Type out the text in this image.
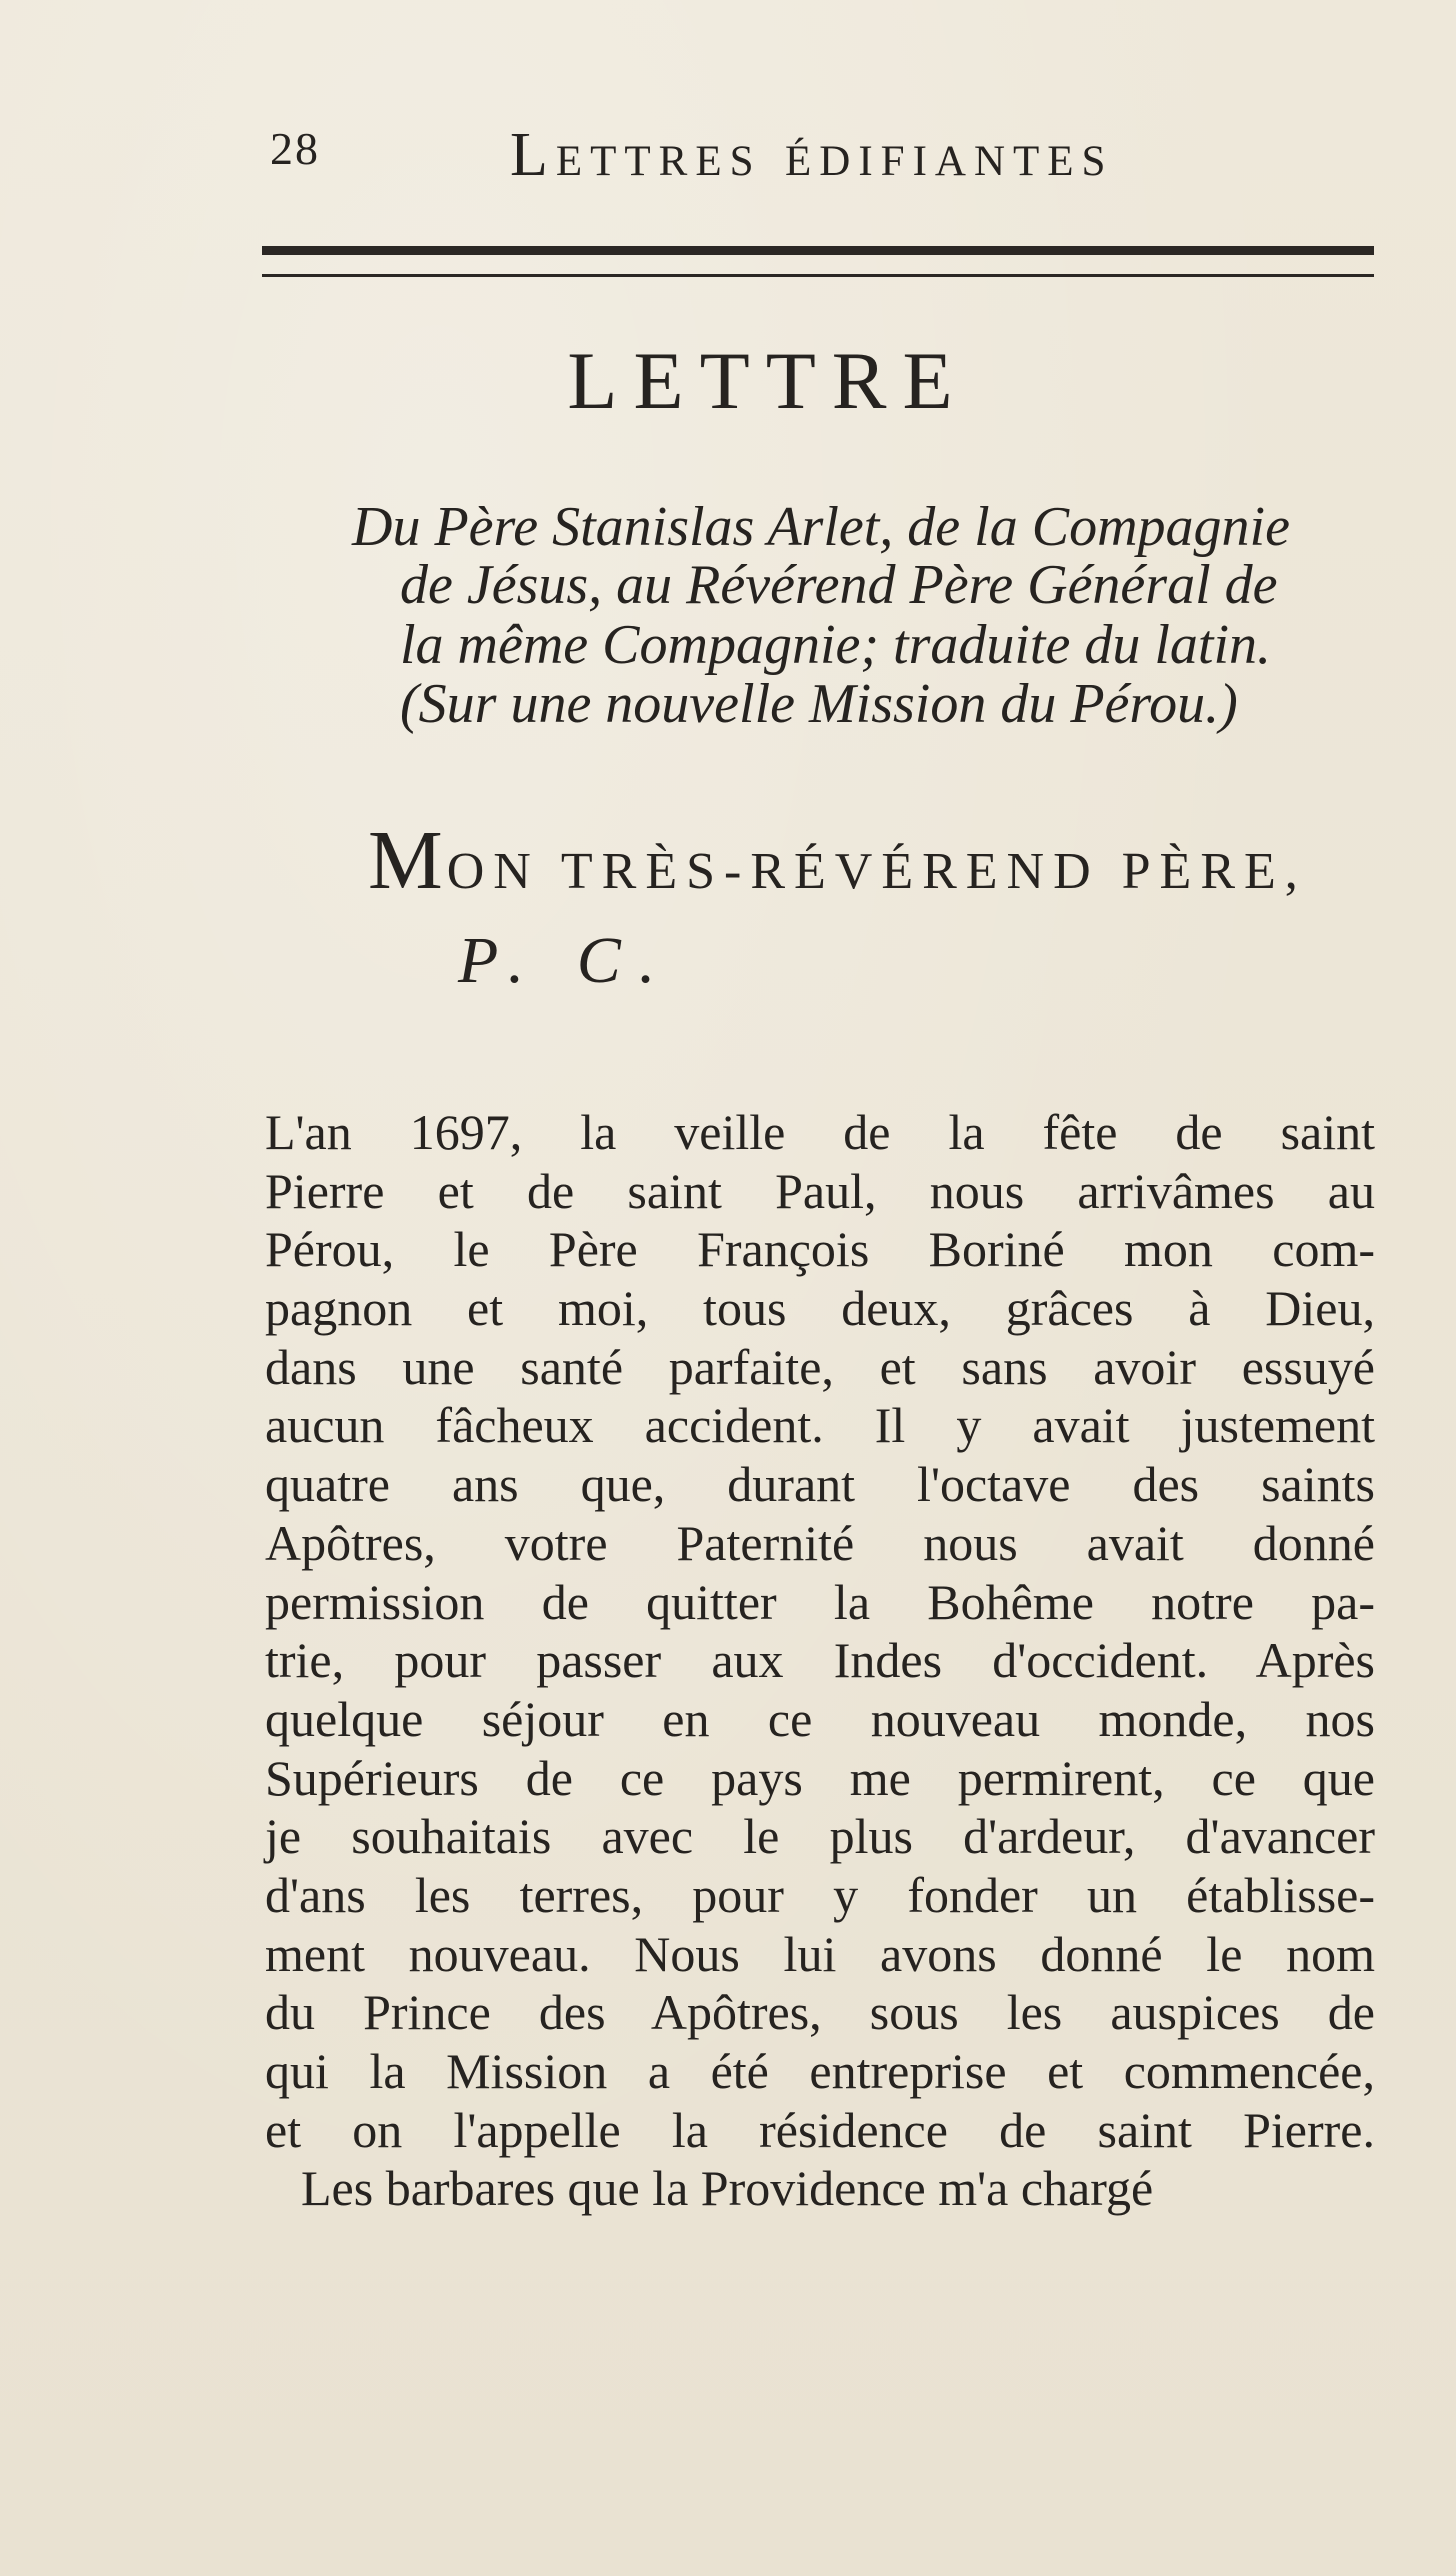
28	Lettres édifiantes
LETTRE
Du Père Stanislas Arlet, de la Compagnie
de Jésus, au Révérend Père Général de
la même Compagnie; traduite du latin.
(Sur une nouvelle Mission du Pérou.)
MON TRÈS-RÉVÉREND PÈRE,
P. C.
L'an 1697, la veille de la fête de saint
Pierre et de saint Paul, nous arrivâmes au
Pérou, le Père François Boriné mon com-
pagnon et moi, tous deux, grâces à Dieu,
dans une santé parfaite, et sans avoir essuyé
aucun fâcheux accident. Il y avait justement
quatre ans que, durant l'octave des saints
Apôtres, votre Paternité nous avait donné
permission de quitter la Bohême notre pa-
trie, pour passer aux Indes d'occident. Après
quelque séjour en ce nouveau monde, nos
Supérieurs de ce pays me permirent, ce que
je souhaitais avec le plus d'ardeur, d'avancer
d'ans les terres, pour y fonder un établisse-
ment nouveau. Nous lui avons donné le nom
du Prince des Apôtres, sous les auspices de
qui la Mission a été entreprise et commencée,
et on l'appelle la résidence de saint Pierre.
Les barbares que la Providence m'a chargé
